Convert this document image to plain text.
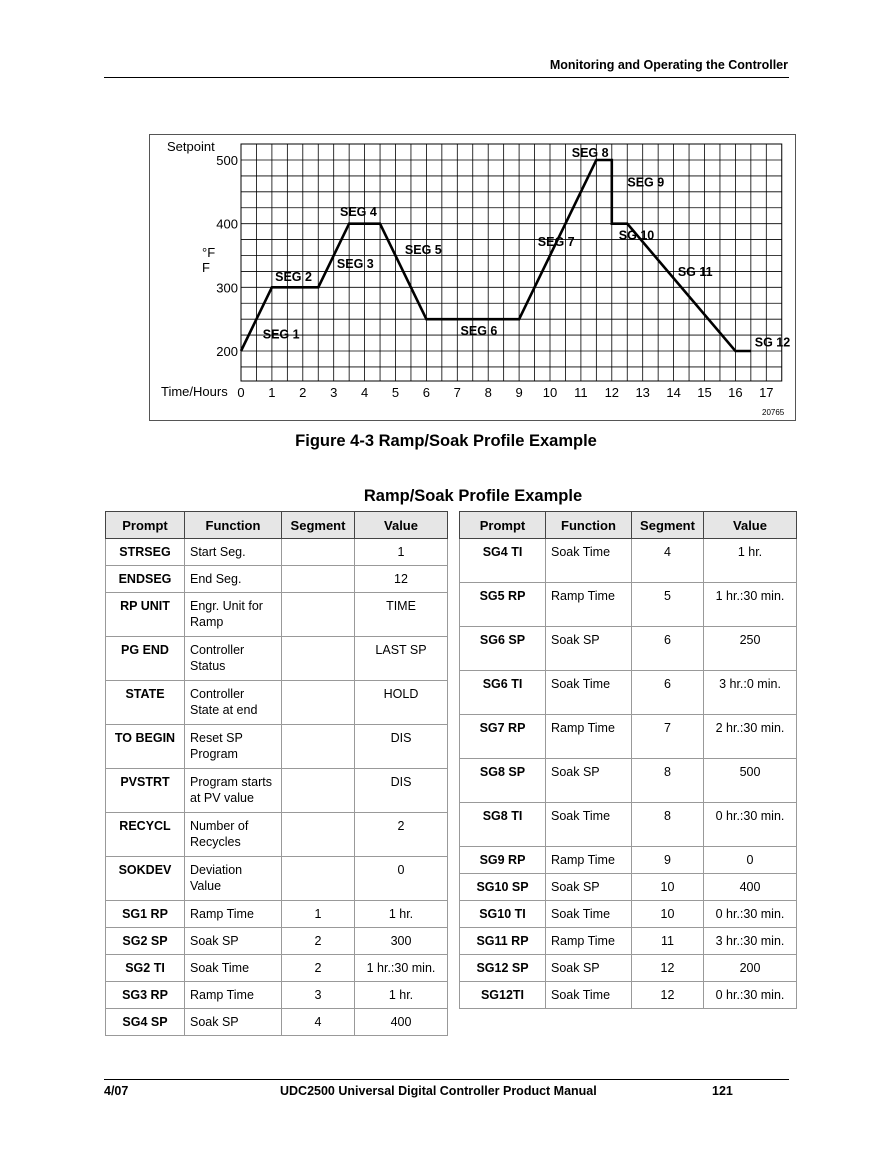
Monitoring and Operating the Controller
Setpoint
°F
F
Time/Hours
20765
0 1 2 3 4 5 6 7 8 9 10 11 12 13 14 15 16 17
500
400
300
200
SEG 1
SEG 2
SEG 3
SEG 4
SEG 5
SEG 6
SEG 7
SEG 8
SEG 9
SG 10
SG 11
SG 12
Figure 4-3 Ramp/Soak Profile Example
Ramp/Soak Profile Example
Prompt	Function	Segment	Value
STRSEG	Start Seg.		1
ENDSEG	End Seg.		12
RP UNIT	Engr. Unit for Ramp		TIME
PG END	Controller Status		LAST SP
STATE	Controller State at end		HOLD
TO BEGIN	Reset SP Program		DIS
PVSTRT	Program starts at PV value		DIS
RECYCL	Number of Recycles		2
SOKDEV	Deviation Value		0
SG1 RP	Ramp Time	1	1 hr.
SG2 SP	Soak SP	2	300
SG2 TI	Soak Time	2	1 hr.:30 min.
SG3 RP	Ramp Time	3	1 hr.
SG4 SP	Soak SP	4	400
Prompt	Function	Segment	Value
SG4 TI	Soak Time	4	1 hr.
SG5 RP	Ramp Time	5	1 hr.:30 min.
SG6 SP	Soak SP	6	250
SG6 TI	Soak Time	6	3 hr.:0 min.
SG7 RP	Ramp Time	7	2 hr.:30 min.
SG8 SP	Soak SP	8	500
SG8 TI	Soak Time	8	0 hr.:30 min.
SG9 RP	Ramp Time	9	0
SG10 SP	Soak SP	10	400
SG10 TI	Soak Time	10	0 hr.:30 min.
SG11 RP	Ramp Time	11	3 hr.:30 min.
SG12 SP	Soak SP	12	200
SG12TI	Soak Time	12	0 hr.:30 min.
4/07	UDC2500 Universal Digital Controller Product Manual	121
